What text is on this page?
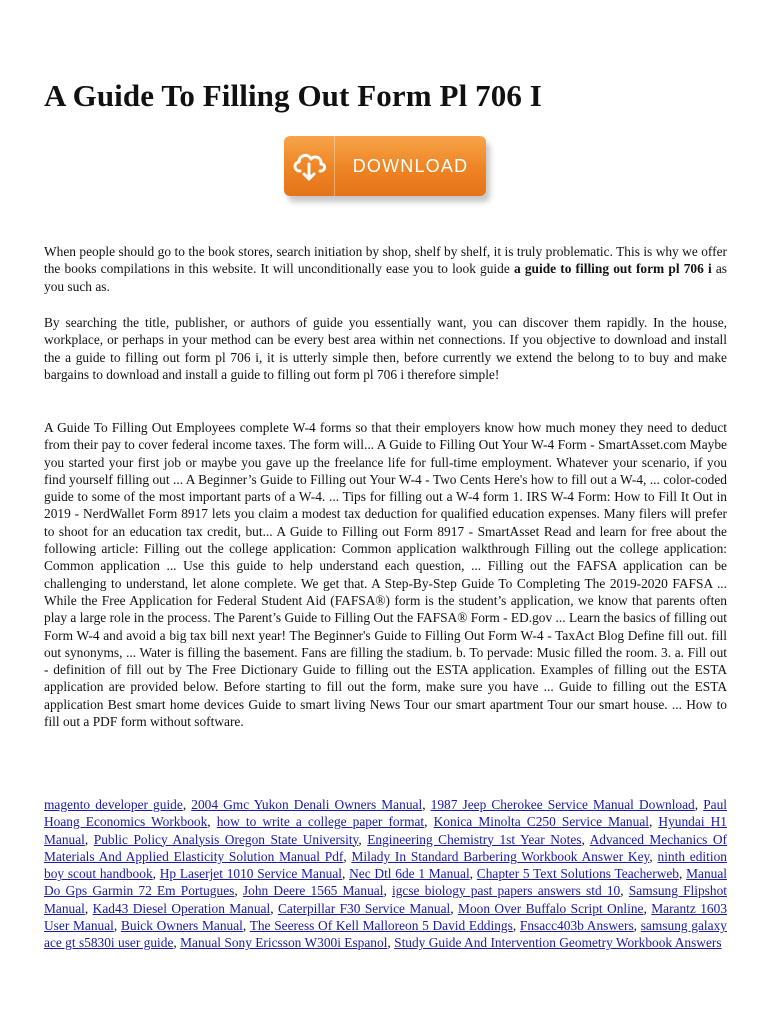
A Guide To Filling Out Form Pl 706 I
DOWNLOAD

When people should go to the book stores, search initiation by shop, shelf by shelf, it is truly problematic. This is why we offer the books compilations in this website. It will unconditionally ease you to look guide a guide to filling out form pl 706 i as you such as.

By searching the title, publisher, or authors of guide you essentially want, you can discover them rapidly. In the house, workplace, or perhaps in your method can be every best area within net connections. If you objective to download and install the a guide to filling out form pl 706 i, it is utterly simple then, before currently we extend the belong to to buy and make bargains to download and install a guide to filling out form pl 706 i therefore simple!

A Guide To Filling Out Employees complete W-4 forms so that their employers know how much money they need to deduct from their pay to cover federal income taxes. The form will... A Guide to Filling Out Your W-4 Form - SmartAsset.com Maybe you started your first job or maybe you gave up the freelance life for full-time employment. Whatever your scenario, if you find yourself filling out ... A Beginner’s Guide to Filling out Your W-4 - Two Cents Here's how to fill out a W-4, ... color-coded guide to some of the most important parts of a W-4. ... Tips for filling out a W-4 form 1. IRS W-4 Form: How to Fill It Out in 2019 - NerdWallet Form 8917 lets you claim a modest tax deduction for qualified education expenses. Many filers will prefer to shoot for an education tax credit, but... A Guide to Filling out Form 8917 - SmartAsset Read and learn for free about the following article: Filling out the college application: Common application walkthrough Filling out the college application: Common application ... Use this guide to help understand each question, ... Filling out the FAFSA application can be challenging to understand, let alone complete. We get that. A Step-By-Step Guide To Completing The 2019-2020 FAFSA ... While the Free Application for Federal Student Aid (FAFSA®) form is the student’s application, we know that parents often play a large role in the process. The Parent’s Guide to Filling Out the FAFSA® Form - ED.gov ... Learn the basics of filling out Form W-4 and avoid a big tax bill next year! The Beginner's Guide to Filling Out Form W-4 - TaxAct Blog Define fill out. fill out synonyms, ... Water is filling the basement. Fans are filling the stadium. b. To pervade: Music filled the room. 3. a. Fill out - definition of fill out by The Free Dictionary Guide to filling out the ESTA application. Examples of filling out the ESTA application are provided below. Before starting to fill out the form, make sure you have ... Guide to filling out the ESTA application Best smart home devices Guide to smart living News Tour our smart apartment Tour our smart house. ... How to fill out a PDF form without software.

magento developer guide, 2004 Gmc Yukon Denali Owners Manual, 1987 Jeep Cherokee Service Manual Download, Paul Hoang Economics Workbook, how to write a college paper format, Konica Minolta C250 Service Manual, Hyundai H1 Manual, Public Policy Analysis Oregon State University, Engineering Chemistry 1st Year Notes, Advanced Mechanics Of Materials And Applied Elasticity Solution Manual Pdf, Milady In Standard Barbering Workbook Answer Key, ninth edition boy scout handbook, Hp Laserjet 1010 Service Manual, Nec Dtl 6de 1 Manual, Chapter 5 Text Solutions Teacherweb, Manual Do Gps Garmin 72 Em Portugues, John Deere 1565 Manual, igcse biology past papers answers std 10, Samsung Flipshot Manual, Kad43 Diesel Operation Manual, Caterpillar F30 Service Manual, Moon Over Buffalo Script Online, Marantz 1603 User Manual, Buick Owners Manual, The Seeress Of Kell Malloreon 5 David Eddings, Fnsacc403b Answers, samsung galaxy ace gt s5830i user guide, Manual Sony Ericsson W300i Espanol, Study Guide And Intervention Geometry Workbook Answers
